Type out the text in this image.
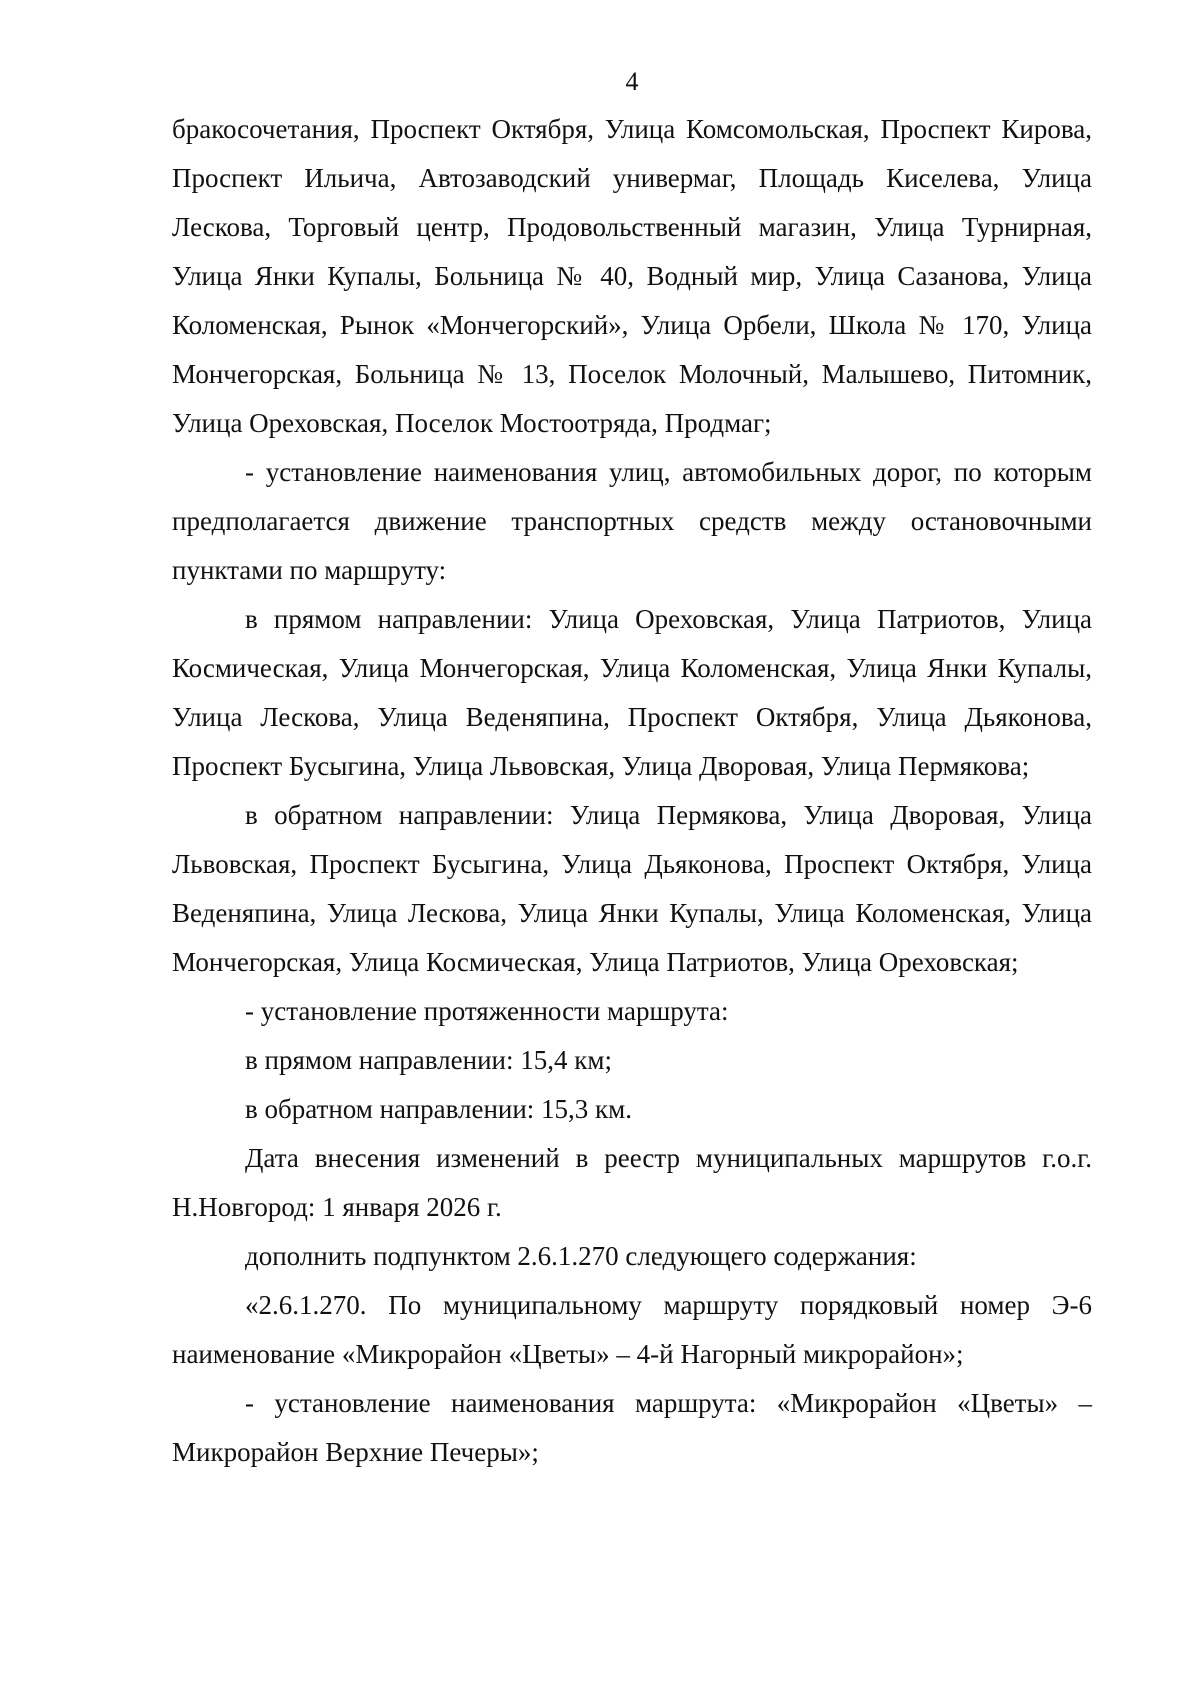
4

бракосочетания, Проспект Октября, Улица Комсомольская, Проспект Кирова, Проспект Ильича, Автозаводский универмаг, Площадь Киселева, Улица Лескова, Торговый центр, Продовольственный магазин, Улица Турнирная, Улица Янки Купалы, Больница № 40, Водный мир, Улица Сазанова, Улица Коломенская, Рынок «Мончегорский», Улица Орбели, Школа № 170, Улица Мончегорская, Больница № 13, Поселок Молочный, Малышево, Питомник, Улица Ореховская, Поселок Мостоотряда, Продмаг;

- установление наименования улиц, автомобильных дорог, по которым предполагается движение транспортных средств между остановочными пунктами по маршруту:

в прямом направлении: Улица Ореховская, Улица Патриотов, Улица Космическая, Улица Мончегорская, Улица Коломенская, Улица Янки Купалы, Улица Лескова, Улица Веденяпина, Проспект Октября, Улица Дьяконова, Проспект Бусыгина, Улица Львовская, Улица Дворовая, Улица Пермякова;

в обратном направлении: Улица Пермякова, Улица Дворовая, Улица Львовская, Проспект Бусыгина, Улица Дьяконова, Проспект Октября, Улица Веденяпина, Улица Лескова, Улица Янки Купалы, Улица Коломенская, Улица Мончегорская, Улица Космическая, Улица Патриотов, Улица Ореховская;

- установление протяженности маршрута:

в прямом направлении: 15,4 км;

в обратном направлении: 15,3 км.

Дата внесения изменений в реестр муниципальных маршрутов г.о.г. Н.Новгород: 1 января 2026 г.

дополнить подпунктом 2.6.1.270 следующего содержания:

«2.6.1.270. По муниципальному маршруту порядковый номер Э-6 наименование «Микрорайон «Цветы» – 4-й Нагорный микрорайон»;

- установление наименования маршрута: «Микрорайон «Цветы» – Микрорайон Верхние Печеры»;
